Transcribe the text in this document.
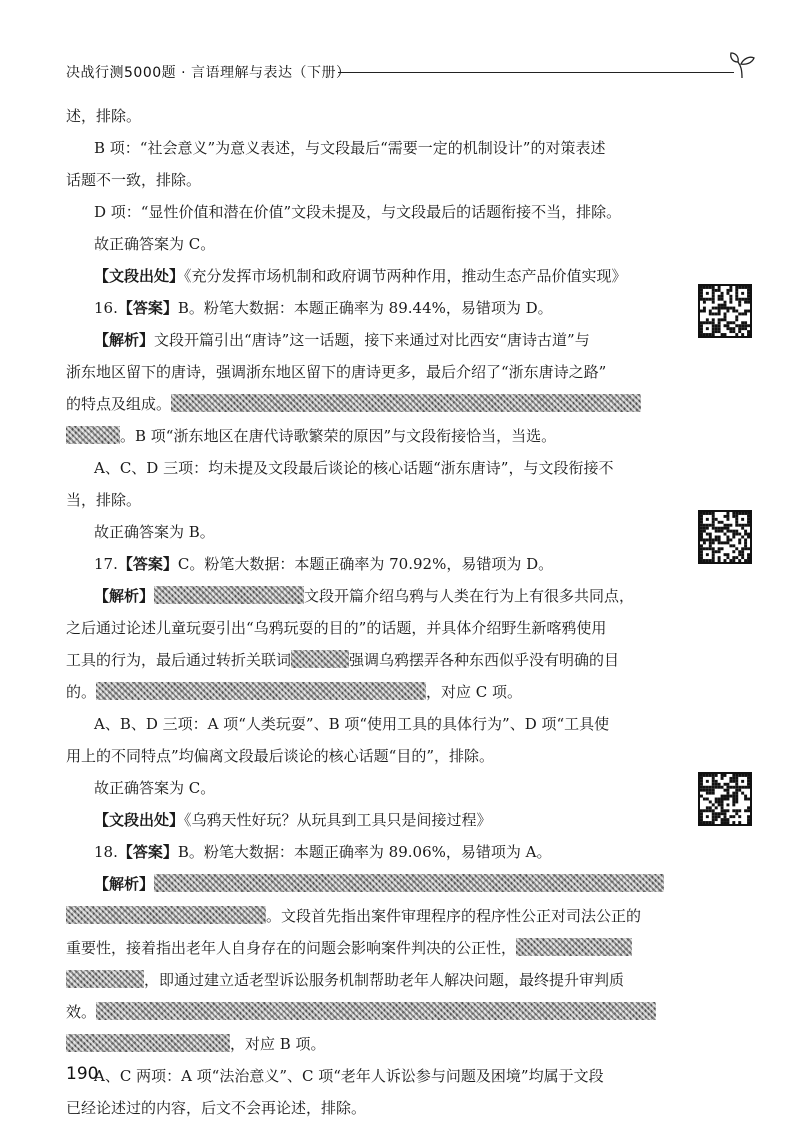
决战行测5000题 · 言语理解与表达（下册）
述，排除。
B 项：“社会意义”为意义表述，与文段最后“需要一定的机制设计”的对策表述
话题不一致，排除。
D 项：“显性价值和潜在价值”文段未提及，与文段最后的话题衔接不当，排除。
故正确答案为 C。
【文段出处】《充分发挥市场机制和政府调节两种作用，推动生态产品价值实现》
16.【答案】B。粉笔大数据：本题正确率为 89.44%，易错项为 D。
【解析】文段开篇引出“唐诗”这一话题，接下来通过对比西安“唐诗古道”与
浙东地区留下的唐诗，强调浙东地区留下的唐诗更多，最后介绍了“浙东唐诗之路”
的特点及组成。
。B 项“浙东地区在唐代诗歌繁荣的原因”与文段衔接恰当，当选。
A、C、D 三项：均未提及文段最后谈论的核心话题“浙东唐诗”，与文段衔接不
当，排除。
故正确答案为 B。
17.【答案】C。粉笔大数据：本题正确率为 70.92%，易错项为 D。
【解析】	文段开篇介绍乌鸦与人类在行为上有很多共同点，
之后通过论述儿童玩耍引出“乌鸦玩耍的目的”的话题，并具体介绍野生新喀鸦使用
工具的行为，最后通过转折关联词	强调乌鸦摆弄各种东西似乎没有明确的目
的。	，对应 C 项。
A、B、D 三项：A 项“人类玩耍”、B 项“使用工具的具体行为”、D 项“工具使
用上的不同特点”均偏离文段最后谈论的核心话题“目的”，排除。
故正确答案为 C。
【文段出处】《乌鸦天性好玩？从玩具到工具只是间接过程》
18.【答案】B。粉笔大数据：本题正确率为 89.06%，易错项为 A。
【解析】
。文段首先指出案件审理程序的程序性公正对司法公正的
重要性，接着指出老年人自身存在的问题会影响案件判决的公正性，
，即通过建立适老型诉讼服务机制帮助老年人解决问题，最终提升审判质
效。
，对应 B 项。
A、C 两项：A 项“法治意义”、C 项“老年人诉讼参与问题及困境”均属于文段
已经论述过的内容，后文不会再论述，排除。
190
